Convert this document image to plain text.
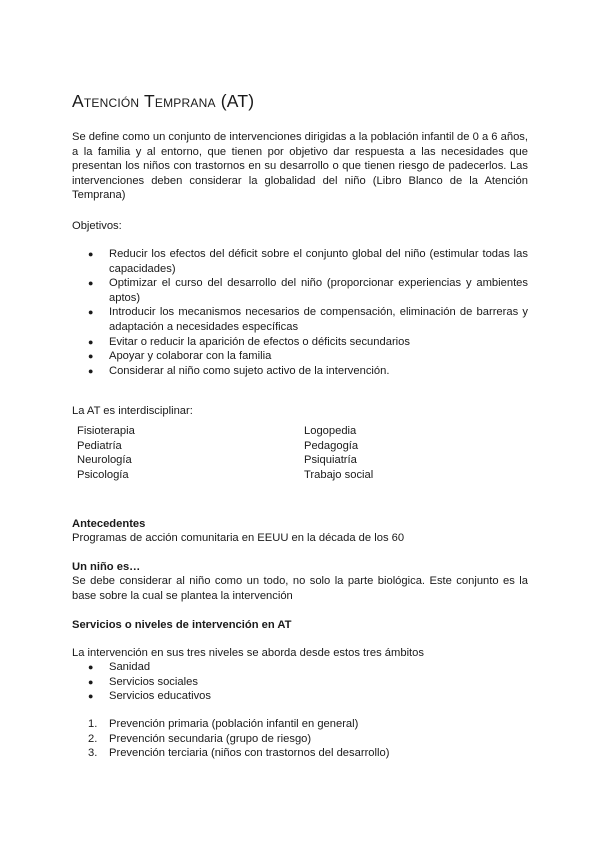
Atención Temprana (AT)

Se define como un conjunto de intervenciones dirigidas a la población infantil de 0 a 6 años, a la familia y al entorno, que tienen por objetivo dar respuesta a las necesidades que presentan los niños con trastornos en su desarrollo o que tienen riesgo de padecerlos. Las intervenciones deben considerar la globalidad del niño (Libro Blanco de la Atención Temprana)

Objetivos:

● Reducir los efectos del déficit sobre el conjunto global del niño (estimular todas las capacidades)
● Optimizar el curso del desarrollo del niño (proporcionar experiencias y ambientes aptos)
● Introducir los mecanismos necesarios de compensación, eliminación de barreras y adaptación a necesidades específicas
● Evitar o reducir la aparición de efectos o déficits secundarios
● Apoyar y colaborar con la familia
● Considerar al niño como sujeto activo de la intervención.

La AT es interdisciplinar:

Fisioterapia
Pediatría
Neurología
Psicología
Logopedia
Pedagogía
Psiquiatría
Trabajo social

Antecedentes

Programas de acción comunitaria en EEUU en la década de los 60

Un niño es…

Se debe considerar al niño como un todo, no solo la parte biológica. Este conjunto es la base sobre la cual se plantea la intervención

Servicios o niveles de intervención en AT

La intervención en sus tres niveles se aborda desde estos tres ámbitos

● Sanidad
● Servicios sociales
● Servicios educativos
1. Prevención primaria (población infantil en general)
2. Prevención secundaria (grupo de riesgo)
3. Prevención terciaria (niños con trastornos del desarrollo)
